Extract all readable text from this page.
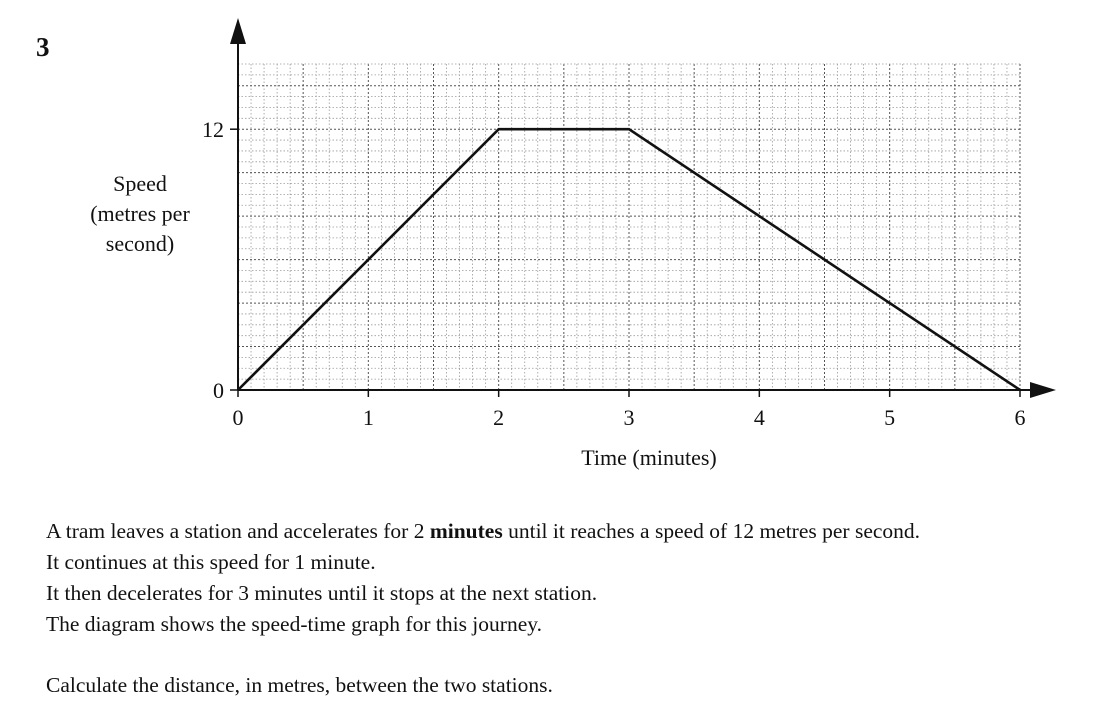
3
0
12
0	1	2	3	4	5	6
Time (minutes)
Speed
(metres per
second)

A tram leaves a station and accelerates for 2 minutes until it reaches a speed of 12 metres per second.

It continues at this speed for 1 minute.

It then decelerates for 3 minutes until it stops at the next station.

The diagram shows the speed-time graph for this journey.

Calculate the distance, in metres, between the two stations.
